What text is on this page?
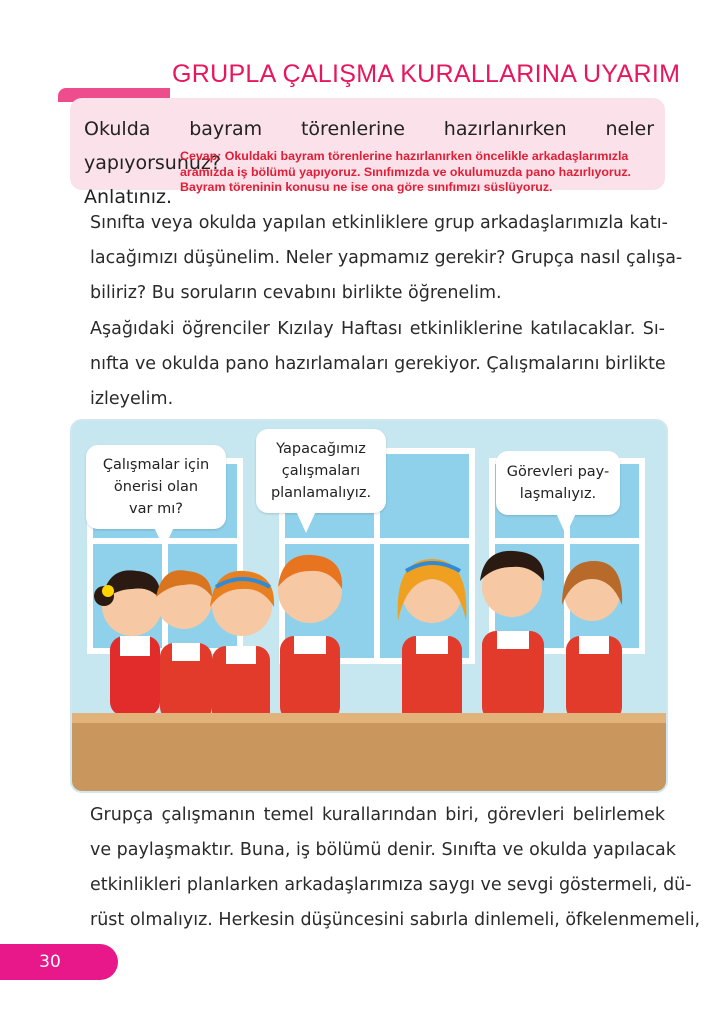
GRUPLA ÇALIŞMA KURALLARINA UYARIM
Okulda bayram törenlerine hazırlanırken neler yapıyorsunuz?
Anlatınız.
Cevap: Okuldaki bayram törenlerine hazırlanırken öncelikle arkadaşlarımızla
aramızda iş bölümü yapıyoruz. Sınıfımızda ve okulumuzda pano hazırlıyoruz.
Bayram töreninin konusu ne ise ona göre sınıfımızı süslüyoruz.
Sınıfta veya okulda yapılan etkinliklere grup arkadaşlarımızla katı-
lacağımızı düşünelim. Neler yapmamız gerekir? Grupça nasıl çalışa-
biliriz? Bu soruların cevabını birlikte öğrenelim.
Aşağıdaki öğrenciler Kızılay Haftası etkinliklerine katılacaklar. Sı-
nıfta ve okulda pano hazırlamaları gerekiyor. Çalışmalarını birlikte
izleyelim.
Çalışmalar için
önerisi olan
var mı?
Yapacağımız
çalışmaları
planlamalıyız.
Görevleri pay-
laşmalıyız.
Grupça çalışmanın temel kurallarından biri, görevleri belirlemek
ve paylaşmaktır. Buna, iş bölümü denir. Sınıfta ve okulda yapılacak
etkinlikleri planlarken arkadaşlarımıza saygı ve sevgi göstermeli, dü-
rüst olmalıyız. Herkesin düşüncesini sabırla dinlemeli, öfkelenmemeli,
30
